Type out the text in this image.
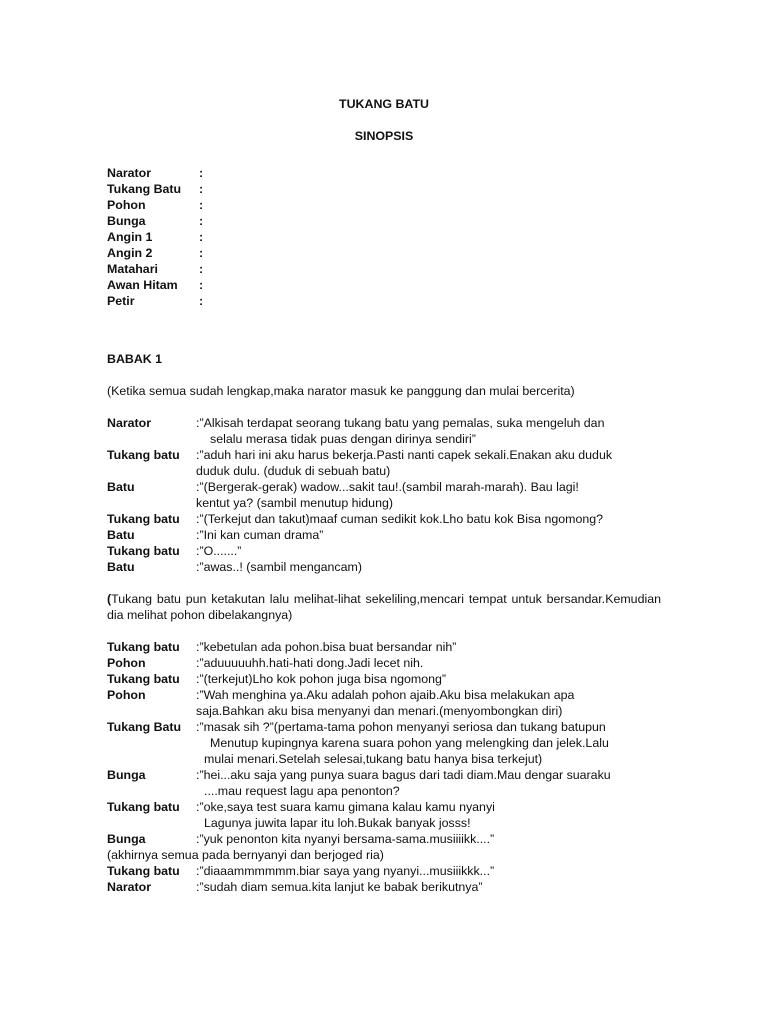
TUKANG BATU
SINOPSIS
Narator	:
Tukang Batu	:
Pohon	:
Bunga	:
Angin 1	:
Angin 2	:
Matahari	:
Awan Hitam	:
Petir	:
BABAK 1
(Ketika semua sudah lengkap,maka narator masuk ke panggung dan mulai bercerita)
Narator	:”Alkisah terdapat seorang tukang batu yang pemalas, suka mengeluh dan
selalu merasa tidak puas dengan dirinya sendiri”
Tukang batu	:”aduh hari ini aku harus bekerja.Pasti nanti capek sekali.Enakan aku duduk
duduk dulu. (duduk di sebuah batu)
Batu	:”(Bergerak-gerak) wadow...sakit tau!.(sambil marah-marah). Bau lagi!
kentut ya? (sambil menutup hidung)
Tukang batu	:”(Terkejut dan takut)maaf cuman sedikit kok.Lho batu kok Bisa ngomong?
Batu	:”Ini kan cuman drama”
Tukang batu	:”O.......”
Batu	:”awas..! (sambil mengancam)
(Tukang batu pun ketakutan lalu melihat-lihat sekeliling,mencari tempat untuk bersandar.Kemudian dia melihat pohon dibelakangnya)
Tukang batu	:”kebetulan ada pohon.bisa buat bersandar nih”
Pohon	:”aduuuuuhh.hati-hati dong.Jadi lecet nih.
Tukang batu	:”(terkejut)Lho kok pohon juga bisa ngomong”
Pohon	:”Wah menghina ya.Aku adalah pohon ajaib.Aku bisa melakukan apa
saja.Bahkan aku bisa menyanyi dan menari.(menyombongkan diri)
Tukang Batu	:”masak sih ?”(pertama-tama pohon menyanyi seriosa dan tukang batupun
Menutup kupingnya karena suara pohon yang melengking dan jelek.Lalu
mulai menari.Setelah selesai,tukang batu hanya bisa terkejut)
Bunga	:”hei...aku saja yang punya suara bagus dari tadi diam.Mau dengar suaraku
....mau request lagu apa penonton?
Tukang batu	:”oke,saya test suara kamu gimana kalau kamu nyanyi
Lagunya juwita lapar itu loh.Bukak banyak josss!
Bunga	:”yuk penonton kita nyanyi bersama-sama.musiiiikk....”
(akhirnya semua pada bernyanyi dan berjoged ria)
Tukang batu	:”diaaammmmmm.biar saya yang nyanyi...musiiikkk...”
Narator	:”sudah diam semua.kita lanjut ke babak berikutnya”
